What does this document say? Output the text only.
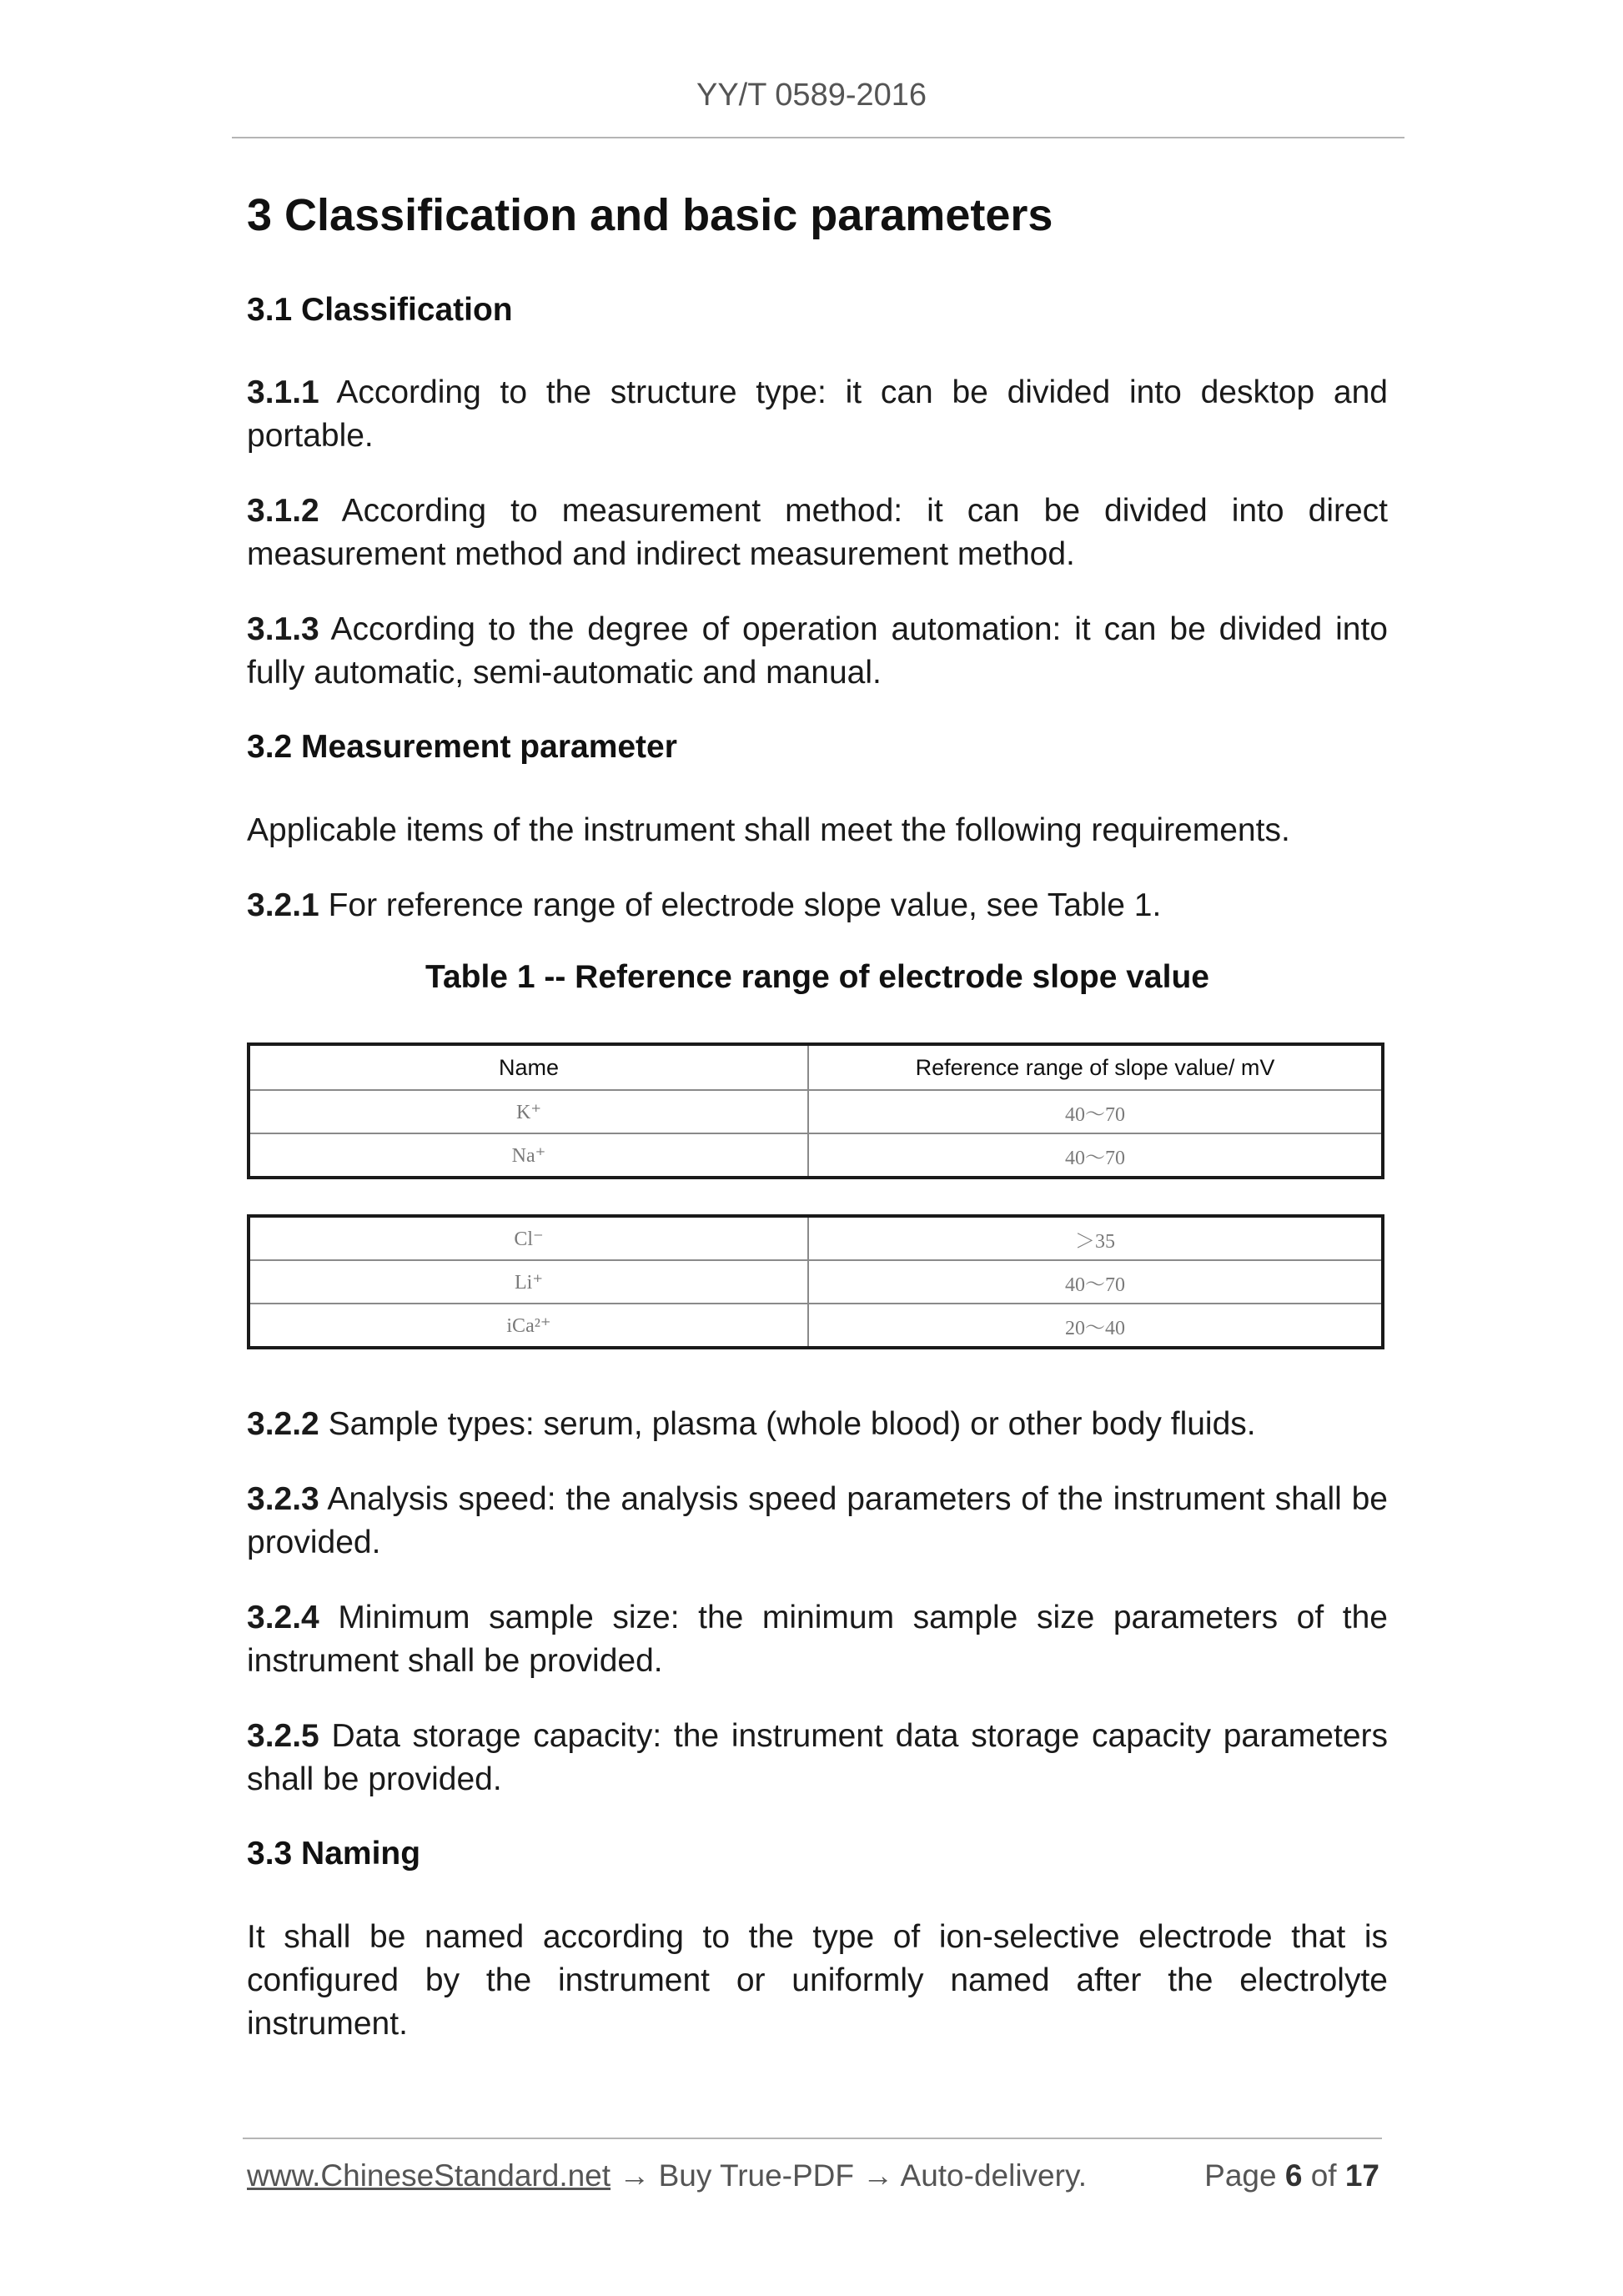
YY/T 0589-2016
3 Classification and basic parameters
3.1 Classification

3.1.1 According to the structure type: it can be divided into desktop and portable.

3.1.2 According to measurement method: it can be divided into direct measurement method and indirect measurement method.

3.1.3 According to the degree of operation automation: it can be divided into fully automatic, semi-automatic and manual.

3.2 Measurement parameter

Applicable items of the instrument shall meet the following requirements.

3.2.1 For reference range of electrode slope value, see Table 1.

Table 1 -- Reference range of electrode slope value
Name	Reference range of slope value/ mV
K⁺	40～70
Na⁺	40～70
Cl⁻	＞35
Li⁺	40～70
iCa²⁺	20～40

3.2.2 Sample types: serum, plasma (whole blood) or other body fluids.

3.2.3 Analysis speed: the analysis speed parameters of the instrument shall be provided.

3.2.4 Minimum sample size: the minimum sample size parameters of the instrument shall be provided.

3.2.5 Data storage capacity: the instrument data storage capacity parameters shall be provided.

3.3 Naming

It shall be named according to the type of ion-selective electrode that is configured by the instrument or uniformly named after the electrolyte instrument.

www.ChineseStandard.net → Buy True-PDF → Auto-delivery.	Page 6 of 17
